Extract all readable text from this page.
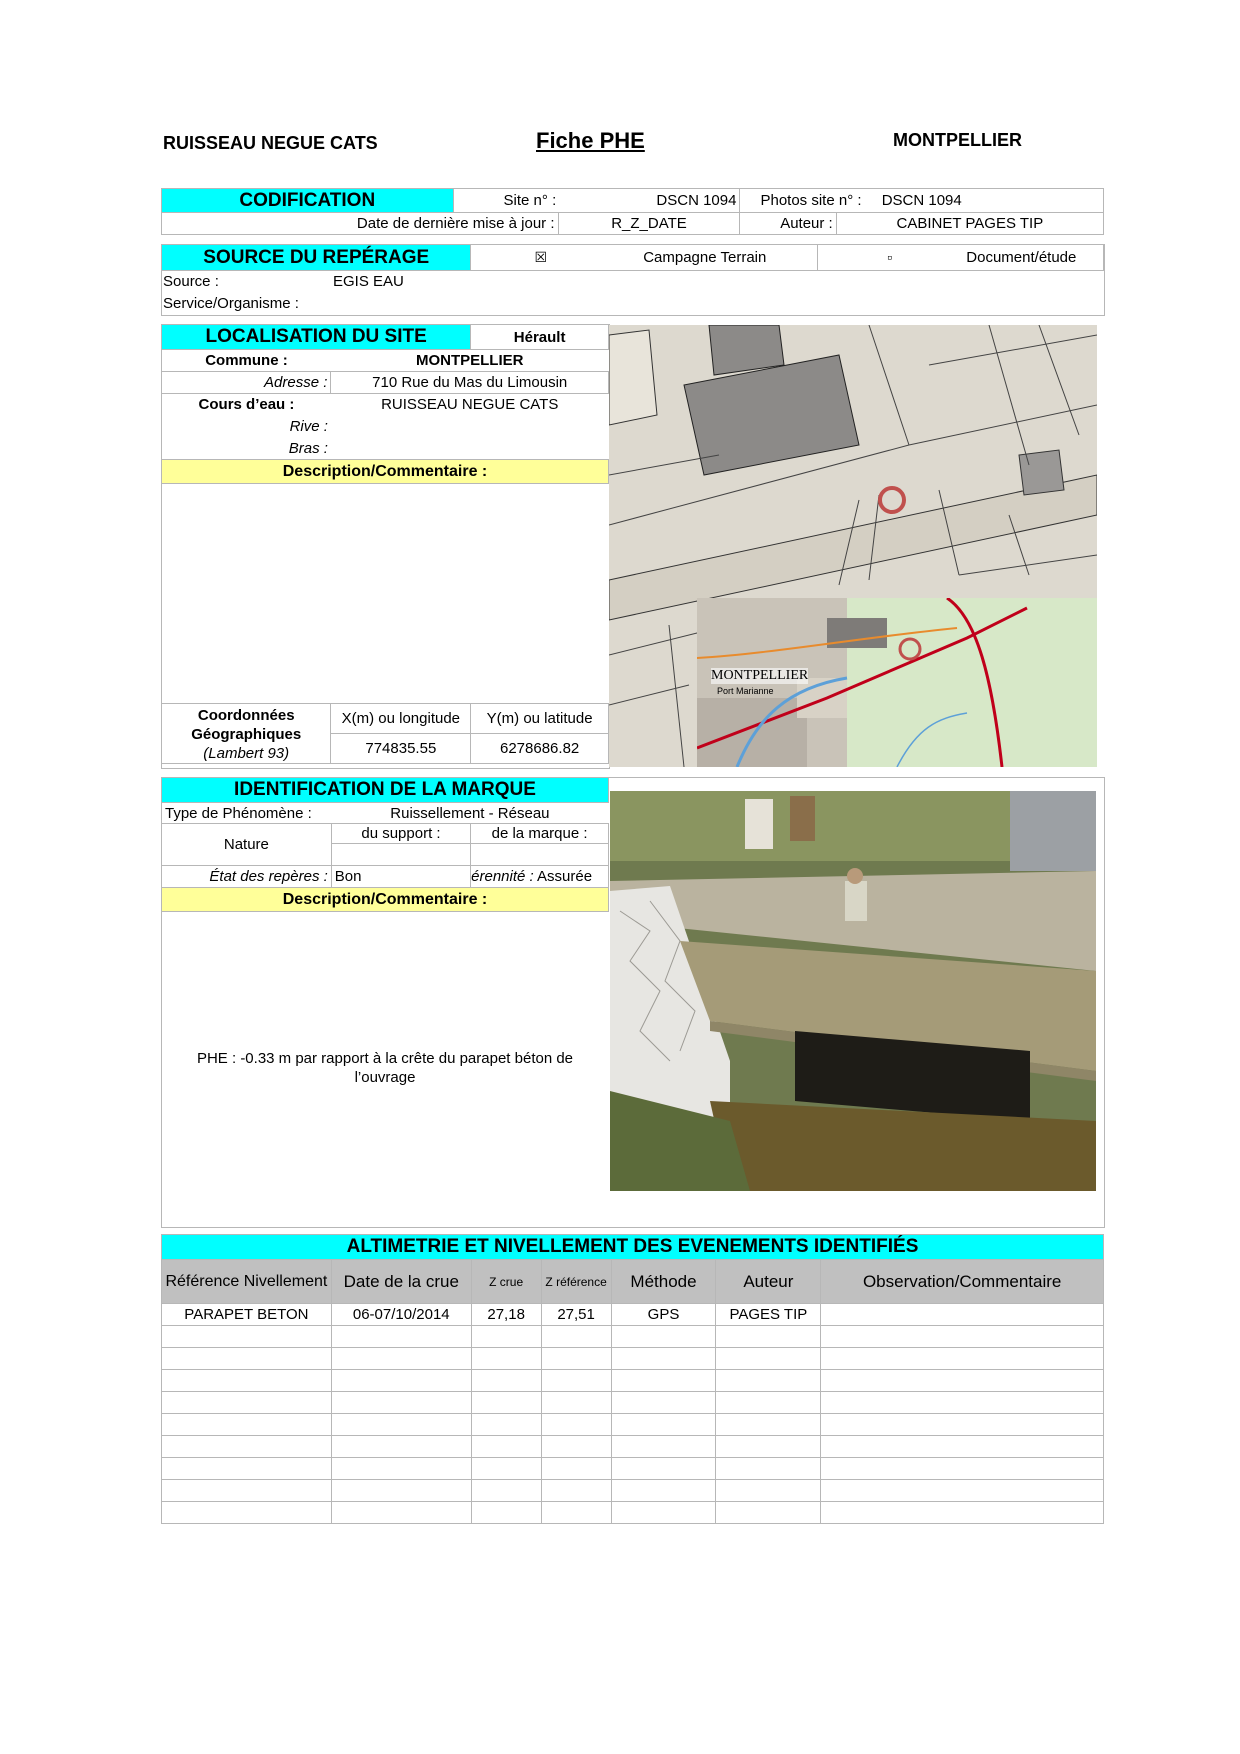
RUISSEAU NEGUE CATS	Fiche PHE	MONTPELLIER
CODIFICATION	Site n° : DSCN 1094		Photos site n° : DSCN 1094	
Date de dernière mise à jour :		R_Z_DATE	Auteur :	CABINET PAGES TIP
SOURCE DU REPÉRAGE	☒	Campagne Terrain	▫	Document/étude
Source :	EGIS EAU
Service/Organisme :
LOCALISATION DU SITE		Hérault
Commune :	MONTPELLIER	
Adresse :	710 Rue du Mas du Limousin	
Cours d’eau :	RUISSEAU NEGUE CATS	
Rive :		
Bras :		
Description/Commentaire :		

Coordonnées
Géographiques
(Lambert 93)	X(m) ou longitude	Y(m) ou latitude
	774835.55	6278686.82
MONTPELLIER
Port Marianne
IDENTIFICATION DE LA MARQUE		
Type de Phénomène :	Ruissellement - Réseau	
Nature	du support :	de la marque :

État des repères :	Bon	érennité : Assurée
Description/Commentaire :		
PHE : -0.33 m par rapport à la crête du parapet béton de l’ouvrage
ALTIMETRIE ET NIVELLEMENT DES EVENEMENTS IDENTIFIÉS						
Référence Nivellement	Date de la crue	Z crue	Z référence	Méthode	Auteur	Observation/Commentaire
PARAPET BETON	06-07/10/2014	27,18	27,51	GPS	PAGES TIP	
